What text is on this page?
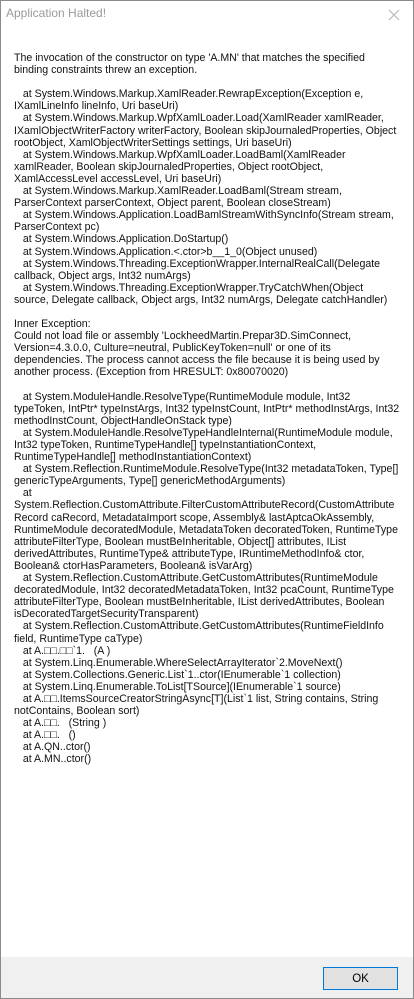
Application Halted!
The invocation of the constructor on type 'A.MN' that matches the specified binding constraints threw an exception.

at System.Windows.Markup.XamlReader.RewrapException(Exception e, IXamlLineInfo lineInfo, Uri baseUri)
at System.Windows.Markup.WpfXamlLoader.Load(XamlReader xamlReader, IXamlObjectWriterFactory writerFactory, Boolean skipJournaledProperties, Object rootObject, XamlObjectWriterSettings settings, Uri baseUri)
at System.Windows.Markup.WpfXamlLoader.LoadBaml(XamlReader xamlReader, Boolean skipJournaledProperties, Object rootObject, XamlAccessLevel accessLevel, Uri baseUri)
at System.Windows.Markup.XamlReader.LoadBaml(Stream stream, ParserContext parserContext, Object parent, Boolean closeStream)
at System.Windows.Application.LoadBamlStreamWithSyncInfo(Stream stream, ParserContext pc)
at System.Windows.Application.DoStartup()
at System.Windows.Application.<.ctor>b__1_0(Object unused)
at System.Windows.Threading.ExceptionWrapper.InternalRealCall(Delegate callback, Object args, Int32 numArgs)
at System.Windows.Threading.ExceptionWrapper.TryCatchWhen(Object source, Delegate callback, Object args, Int32 numArgs, Delegate catchHandler)

Inner Exception:
Could not load file or assembly 'LockheedMartin.Prepar3D.SimConnect, Version=4.3.0.0, Culture=neutral, PublicKeyToken=null' or one of its dependencies. The process cannot access the file because it is being used by another process. (Exception from HRESULT: 0x80070020)

at System.ModuleHandle.ResolveType(RuntimeModule module, Int32 typeToken, IntPtr* typeInstArgs, Int32 typeInstCount, IntPtr* methodInstArgs, Int32 methodInstCount, ObjectHandleOnStack type)
at System.ModuleHandle.ResolveTypeHandleInternal(RuntimeModule module, Int32 typeToken, RuntimeTypeHandle[] typeInstantiationContext, RuntimeTypeHandle[] methodInstantiationContext)
at System.Reflection.RuntimeModule.ResolveType(Int32 metadataToken, Type[] genericTypeArguments, Type[] genericMethodArguments)
at System.Reflection.CustomAttribute.FilterCustomAttributeRecord(CustomAttributeRecord caRecord, MetadataImport scope, Assembly& lastAptcaOkAssembly, RuntimeModule decoratedModule, MetadataToken decoratedToken, RuntimeType attributeFilterType, Boolean mustBeInheritable, Object[] attributes, IList derivedAttributes, RuntimeType& attributeType, IRuntimeMethodInfo& ctor, Boolean& ctorHasParameters, Boolean& isVarArg)
at System.Reflection.CustomAttribute.GetCustomAttributes(RuntimeModule decoratedModule, Int32 decoratedMetadataToken, Int32 pcaCount, RuntimeType attributeFilterType, Boolean mustBeInheritable, IList derivedAttributes, Boolean isDecoratedTargetSecurityTransparent)
at System.Reflection.CustomAttribute.GetCustomAttributes(RuntimeFieldInfo field, RuntimeType caType)
at A.□□.□□`1.   (A )
at System.Linq.Enumerable.WhereSelectArrayIterator`2.MoveNext()
at System.Collections.Generic.List`1..ctor(IEnumerable`1 collection)
at System.Linq.Enumerable.ToList[TSource](IEnumerable`1 source)
at A.□□.ItemsSourceCreatorStringAsync[T](List`1 list, String contains, String notContains, Boolean sort)
at A.□□.   (String )
at A.□□.   ()
at A.QN..ctor()
at A.MN..ctor()
OK
